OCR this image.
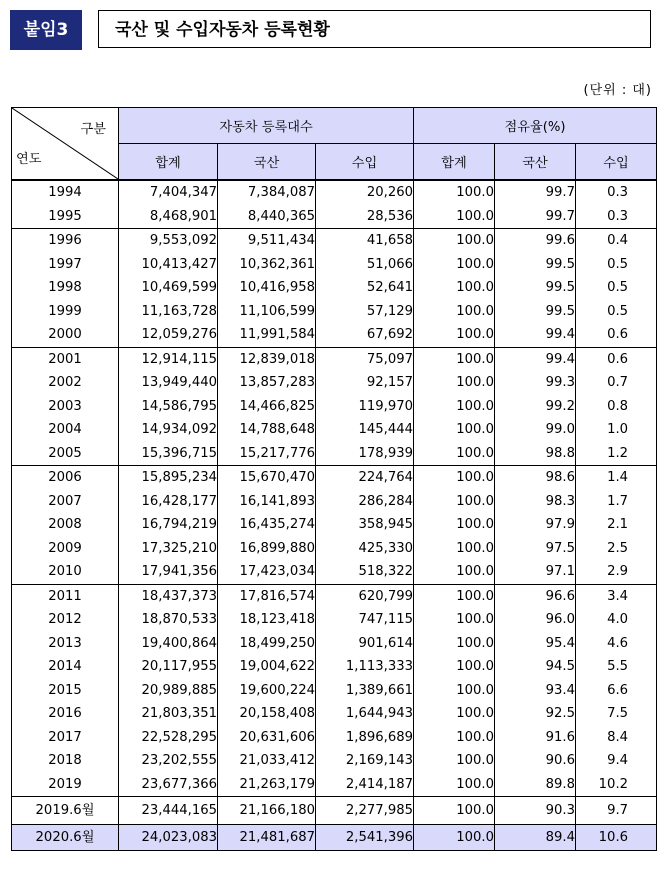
붙임3	국산 및 수입자동차 등록현황
(단위 : 대)
구분
연도	자동차 등록대수			점유율(%)		
	합계	국산	수입	합계	국산	수입
1994	7,404,347	7,384,087	20,260	100.0	99.7	0.3
1995	8,468,901	8,440,365	28,536	100.0	99.7	0.3
1996	9,553,092	9,511,434	41,658	100.0	99.6	0.4
1997	10,413,427	10,362,361	51,066	100.0	99.5	0.5
1998	10,469,599	10,416,958	52,641	100.0	99.5	0.5
1999	11,163,728	11,106,599	57,129	100.0	99.5	0.5
2000	12,059,276	11,991,584	67,692	100.0	99.4	0.6
2001	12,914,115	12,839,018	75,097	100.0	99.4	0.6
2002	13,949,440	13,857,283	92,157	100.0	99.3	0.7
2003	14,586,795	14,466,825	119,970	100.0	99.2	0.8
2004	14,934,092	14,788,648	145,444	100.0	99.0	1.0
2005	15,396,715	15,217,776	178,939	100.0	98.8	1.2
2006	15,895,234	15,670,470	224,764	100.0	98.6	1.4
2007	16,428,177	16,141,893	286,284	100.0	98.3	1.7
2008	16,794,219	16,435,274	358,945	100.0	97.9	2.1
2009	17,325,210	16,899,880	425,330	100.0	97.5	2.5
2010	17,941,356	17,423,034	518,322	100.0	97.1	2.9
2011	18,437,373	17,816,574	620,799	100.0	96.6	3.4
2012	18,870,533	18,123,418	747,115	100.0	96.0	4.0
2013	19,400,864	18,499,250	901,614	100.0	95.4	4.6
2014	20,117,955	19,004,622	1,113,333	100.0	94.5	5.5
2015	20,989,885	19,600,224	1,389,661	100.0	93.4	6.6
2016	21,803,351	20,158,408	1,644,943	100.0	92.5	7.5
2017	22,528,295	20,631,606	1,896,689	100.0	91.6	8.4
2018	23,202,555	21,033,412	2,169,143	100.0	90.6	9.4
2019	23,677,366	21,263,179	2,414,187	100.0	89.8	10.2
2019.6월	23,444,165	21,166,180	2,277,985	100.0	90.3	9.7
2020.6월	24,023,083	21,481,687	2,541,396	100.0	89.4	10.6
